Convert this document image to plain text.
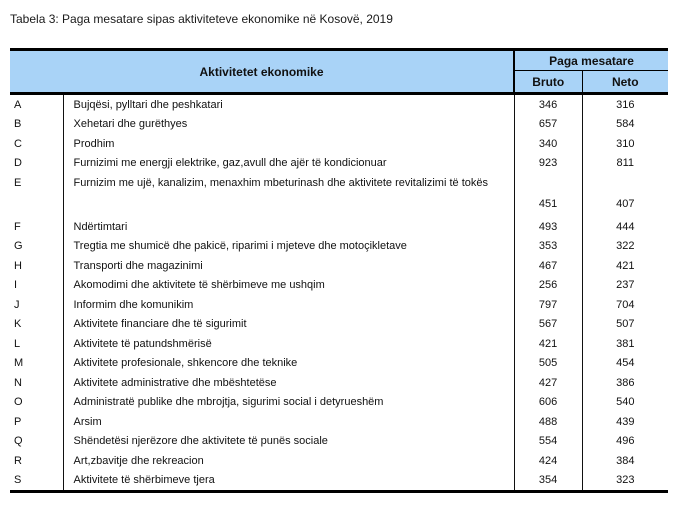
Tabela 3: Paga mesatare sipas aktiviteteve ekonomike në Kosovë, 2019
Aktivitetet ekonomike		Paga mesatare	
		Bruto	Neto
A	Bujqësi, pylltari dhe peshkatari	346	316
B	Xehetari dhe gurëthyes	657	584
C	Prodhim	340	310
D	Furnizimi me energji elektrike, gaz,avull dhe ajër të kondicionuar	923	811
E	Furnizim me ujë, kanalizim, menaxhim mbeturinash dhe aktivitete revitalizimi të tokës	451	407
F	Ndërtimtari	493	444
G	Tregtia me shumicë dhe pakicë, riparimi i mjeteve dhe motoçikletave	353	322
H	Transporti dhe magazinimi	467	421
I	Akomodimi dhe aktivitete të shërbimeve me ushqim	256	237
J	Informim dhe komunikim	797	704
K	Aktivitete financiare dhe të sigurimit	567	507
L	Aktivitete të patundshmërisë	421	381
M	Aktivitete profesionale, shkencore dhe teknike	505	454
N	Aktivitete administrative dhe mbështetëse	427	386
O	Administratë publike dhe mbrojtja, sigurimi social i detyrueshëm	606	540
P	Arsim	488	439
Q	Shëndetësi njerëzore dhe aktivitete të punës sociale	554	496
R	Art,zbavitje dhe rekreacion	424	384
S	Aktivitete të shërbimeve tjera	354	323
